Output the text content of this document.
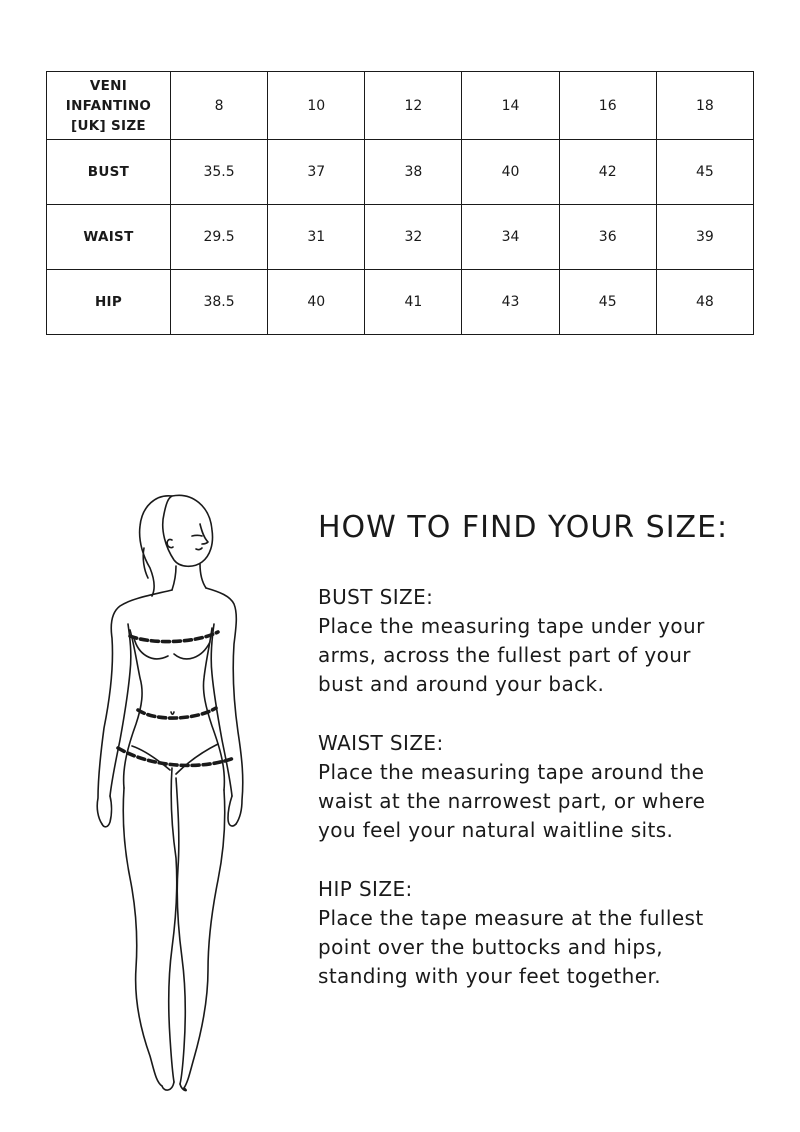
VENI
INFANTINO
[UK] SIZE	8	10	12	14	16	18
BUST	35.5	37	38	40	42	45
WAIST	29.5	31	32	34	36	39
HIP	38.5	40	41	43	45	48
HOW TO FIND YOUR SIZE:
BUST SIZE:
Place the measuring tape under your
arms, across the fullest part of your
bust and around your back.
WAIST SIZE:
Place the measuring tape around the
waist at the narrowest part, or where
you feel your natural waitline sits.
HIP SIZE:
Place the tape measure at the fullest
point over the buttocks and hips,
standing with your feet together.
